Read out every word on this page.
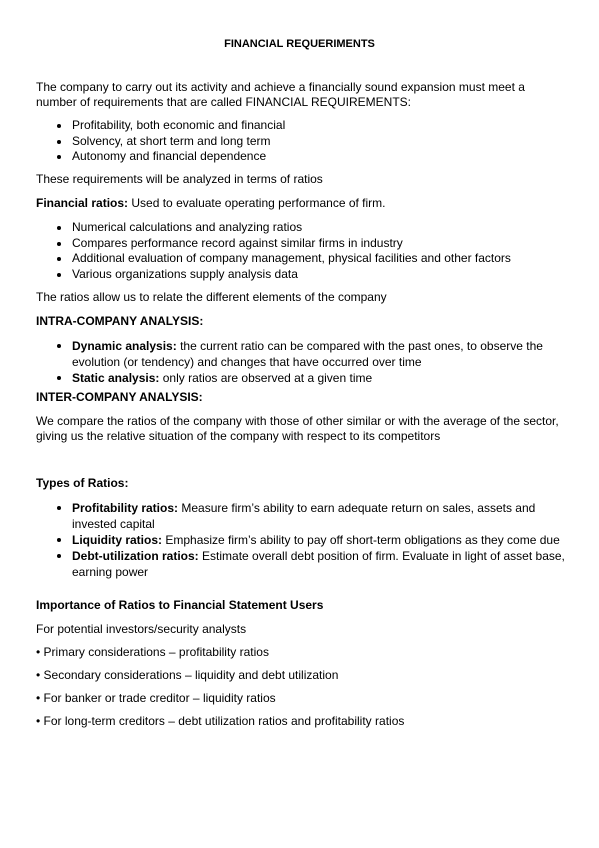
FINANCIAL REQUERIMENTS

The company to carry out its activity and achieve a financially sound expansion must meet a number of requirements that are called FINANCIAL REQUIREMENTS:

Profitability, both economic and financial
Solvency, at short term and long term
Autonomy and financial dependence

These requirements will be analyzed in terms of ratios

Financial ratios: Used to evaluate operating performance of firm.

Numerical calculations and analyzing ratios
Compares performance record against similar firms in industry
Additional evaluation of company management, physical facilities and other factors
Various organizations supply analysis data

The ratios allow us to relate the different elements of the company

INTRA-COMPANY ANALYSIS:

Dynamic analysis: the current ratio can be compared with the past ones, to observe the evolution (or tendency) and changes that have occurred over time
Static analysis: only ratios are observed at a given time

INTER-COMPANY ANALYSIS:

We compare the ratios of the company with those of other similar or with the average of the sector, giving us the relative situation of the company with respect to its competitors

Types of Ratios:

Profitability ratios: Measure firm’s ability to earn adequate return on sales, assets and invested capital
Liquidity ratios: Emphasize firm’s ability to pay off short-term obligations as they come due
Debt-utilization ratios: Estimate overall debt position of firm. Evaluate in light of asset base, earning power

Importance of Ratios to Financial Statement Users

For potential investors/security analysts

• Primary considerations – profitability ratios

• Secondary considerations – liquidity and debt utilization

• For banker or trade creditor – liquidity ratios

• For long-term creditors – debt utilization ratios and profitability ratios
